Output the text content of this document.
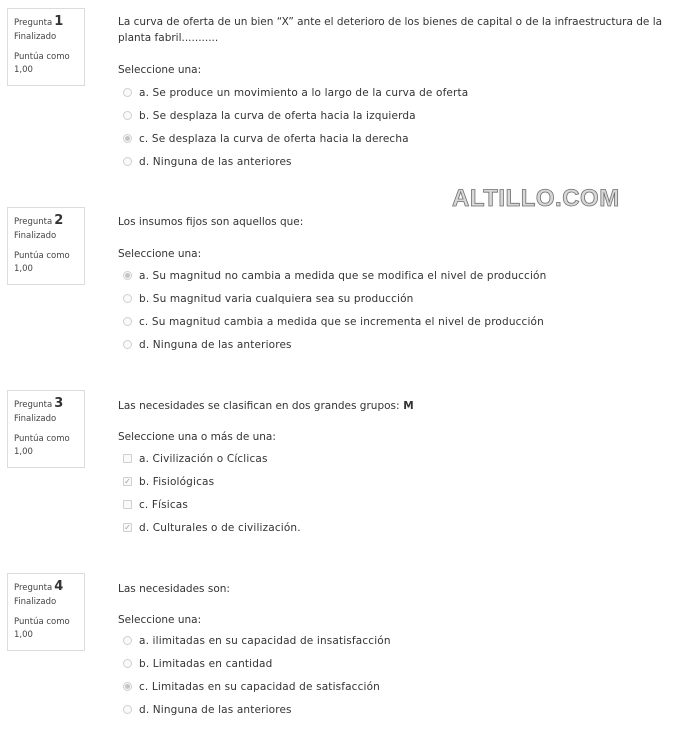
ALTILLO.COM
Pregunta 1
Finalizado
Puntúa como
1,00
La curva de oferta de un bien “X” ante el deterioro de los bienes de capital o de la infraestructura de la planta fabril...........
Seleccione una:
a. Se produce un movimiento a lo largo de la curva de oferta
b. Se desplaza la curva de oferta hacia la izquierda
c. Se desplaza la curva de oferta hacia la derecha
d. Ninguna de las anteriores
Pregunta 2
Finalizado
Puntúa como
1,00
Los insumos fijos son aquellos que:
Seleccione una:
a. Su magnitud no cambia a medida que se modifica el nivel de producción
b. Su magnitud varia cualquiera sea su producción
c. Su magnitud cambia a medida que se incrementa el nivel de producción
d. Ninguna de las anteriores
Pregunta 3
Finalizado
Puntúa como
1,00
Las necesidades se clasifican en dos grandes grupos: M
Seleccione una o más de una:
a. Civilización o Cíclicas
✓
b. Fisiológicas
c. Físicas
✓
d. Culturales o de civilización.
Pregunta 4
Finalizado
Puntúa como
1,00
Las necesidades son:
Seleccione una:
a. ilimitadas en su capacidad de insatisfacción
b. Limitadas en cantidad
c. Limitadas en su capacidad de satisfacción
d. Ninguna de las anteriores
